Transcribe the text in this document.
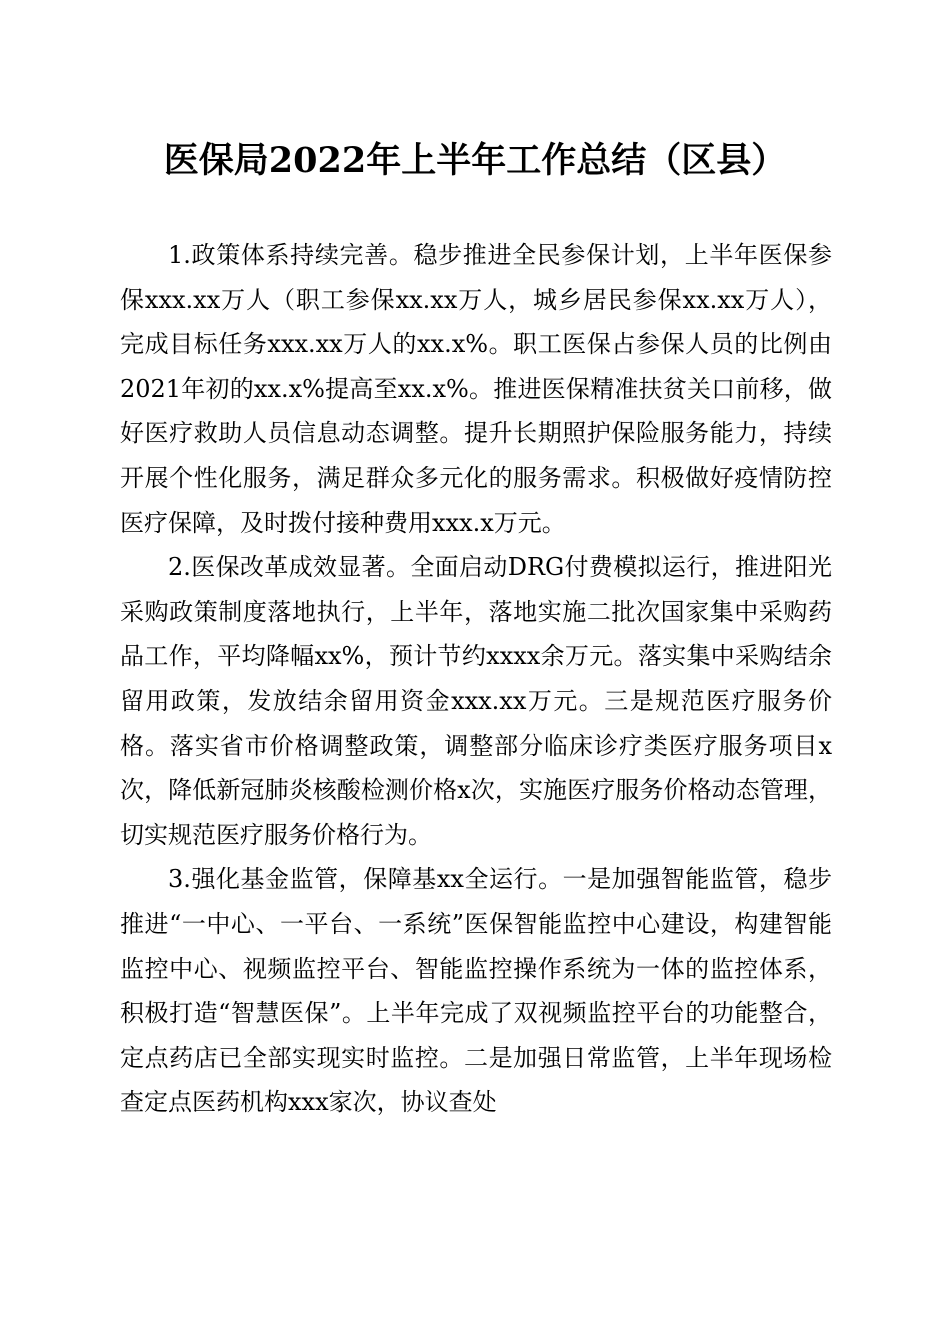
医保局2022年上半年工作总结（区县）

1.政策体系持续完善。稳步推进全民参保计划，上半年医保参保xxx.xx万人（职工参保xx.xx万人，城乡居民参保xx.xx万人），完成目标任务xxx.xx万人的xx.x%。职工医保占参保人员的比例由2021年初的xx.x%提高至xx.x%。推进医保精准扶贫关口前移，做好医疗救助人员信息动态调整。提升长期照护保险服务能力，持续开展个性化服务，满足群众多元化的服务需求。积极做好疫情防控医疗保障，及时拨付接种费用xxx.x万元。

2.医保改革成效显著。全面启动DRG付费模拟运行，推进阳光采购政策制度落地执行，上半年，落地实施二批次国家集中采购药品工作，平均降幅xx%，预计节约xxxx余万元。落实集中采购结余留用政策，发放结余留用资金xxx.xx万元。三是规范医疗服务价格。落实省市价格调整政策，调整部分临床诊疗类医疗服务项目x次，降低新冠肺炎核酸检测价格x次，实施医疗服务价格动态管理，切实规范医疗服务价格行为。

3.强化基金监管，保障基xx全运行。一是加强智能监管，稳步推进“一中心、一平台、一系统”医保智能监控中心建设，构建智能监控中心、视频监控平台、智能监控操作系统为一体的监控体系，积极打造“智慧医保”。上半年完成了双视频监控平台的功能整合，定点药店已全部实现实时监控。二是加强日常监管，上半年现场检查定点医药机构xxx家次，协议查处
